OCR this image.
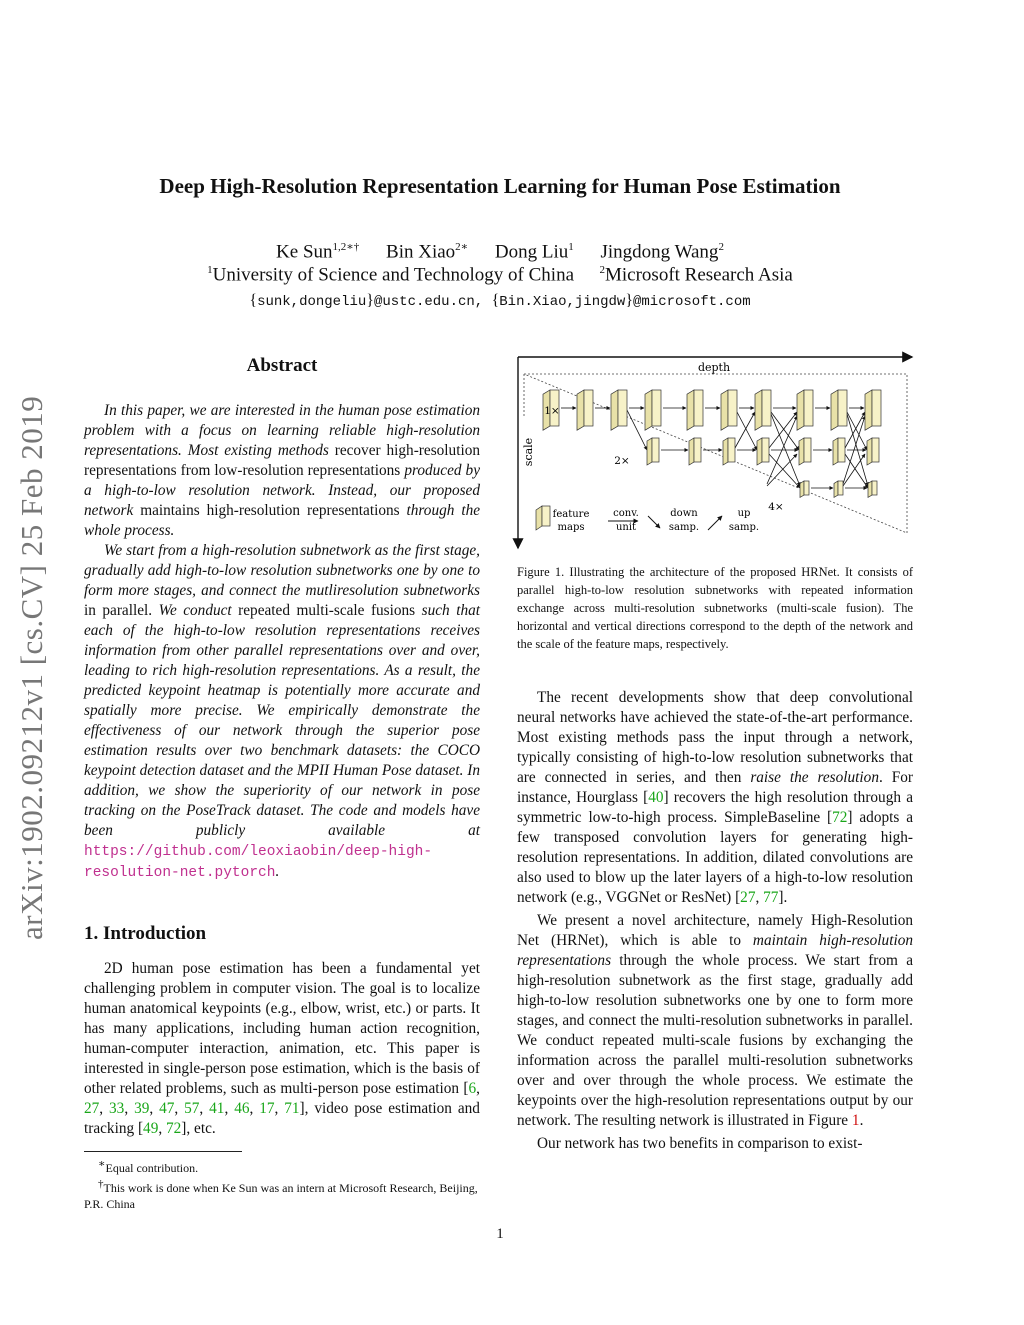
Deep High-Resolution Representation Learning for Human Pose Estimation
Ke Sun$^{1,2∗\dagger}$ Bin Xiao$^{2∗}$ Dong Liu$^1$ Jingdong Wang$^2$
$^1$University of Science and Technology of China $^2$Microsoft Research Asia
{sunk,dongeliu}@ustc.edu.cn, {Bin.Xiao,jingdw}@microsoft.com
arXiv:1902.09212v1 [cs.CV] 25 Feb 2019
Abstract

In this paper, we are interested in the human pose estimation problem with a focus on learning reliable high-resolution representations. Most existing methods recover high-resolution representations from low-resolution representations produced by a high-to-low resolution network. Instead, our proposed network maintains high-resolution representations through the whole process.

We start from a high-resolution subnetwork as the first stage, gradually add high-to-low resolution subnetworks one by one to form more stages, and connect the mutliresolution subnetworks in parallel. We conduct repeated multi-scale fusions such that each of the high-to-low resolution representations receives information from other parallel representations over and over, leading to rich high-resolution representations. As a result, the predicted keypoint heatmap is potentially more accurate and spatially more precise. We empirically demonstrate the effectiveness of our network through the superior pose estimation results over two benchmark datasets: the COCO keypoint detection dataset and the MPII Human Pose dataset. In addition, we show the superiority of our network in pose tracking on the PoseTrack dataset. The code and models have been publicly available at https://github.com/leoxiaobin/deep-high-resolution-net.pytorch.

1. Introduction

2D human pose estimation has been a fundamental yet challenging problem in computer vision. The goal is to localize human anatomical keypoints (e.g., elbow, wrist, etc.) or parts. It has many applications, including human action recognition, human-computer interaction, animation, etc. This paper is interested in single-person pose estimation, which is the basis of other related problems, such as multi-person pose estimation [6, 27, 33, 39, 47, 57, 41, 46, 17, 71], video pose estimation and tracking [49, 72], etc.

∗Equal contribution.
†This work is done when Ke Sun was an intern at Microsoft Research, Beijing, P.R. China
depth
scale
1×
2×
4×
feature
maps
conv.
unit
down
samp.
up
samp.
Figure 1. Illustrating the architecture of the proposed HRNet. It consists of parallel high-to-low resolution subnetworks with repeated information exchange across multi-resolution subnetworks (multi-scale fusion). The horizontal and vertical directions correspond to the depth of the network and the scale of the feature maps, respectively.

The recent developments show that deep convolutional neural networks have achieved the state-of-the-art performance. Most existing methods pass the input through a network, typically consisting of high-to-low resolution subnetworks that are connected in series, and then raise the resolution. For instance, Hourglass [40] recovers the high resolution through a symmetric low-to-high process. SimpleBaseline [72] adopts a few transposed convolution layers for generating high-resolution representations. In addition, dilated convolutions are also used to blow up the later layers of a high-to-low resolution network (e.g., VGGNet or ResNet) [27, 77].

We present a novel architecture, namely High-Resolution Net (HRNet), which is able to maintain high-resolution representations through the whole process. We start from a high-resolution subnetwork as the first stage, gradually add high-to-low resolution subnetworks one by one to form more stages, and connect the multi-resolution subnetworks in parallel. We conduct repeated multi-scale fusions by exchanging the information across the parallel multi-resolution subnetworks over and over through the whole process. We estimate the keypoints over the high-resolution representations output by our network. The resulting network is illustrated in Figure 1.

Our network has two benefits in comparison to exist-

1
